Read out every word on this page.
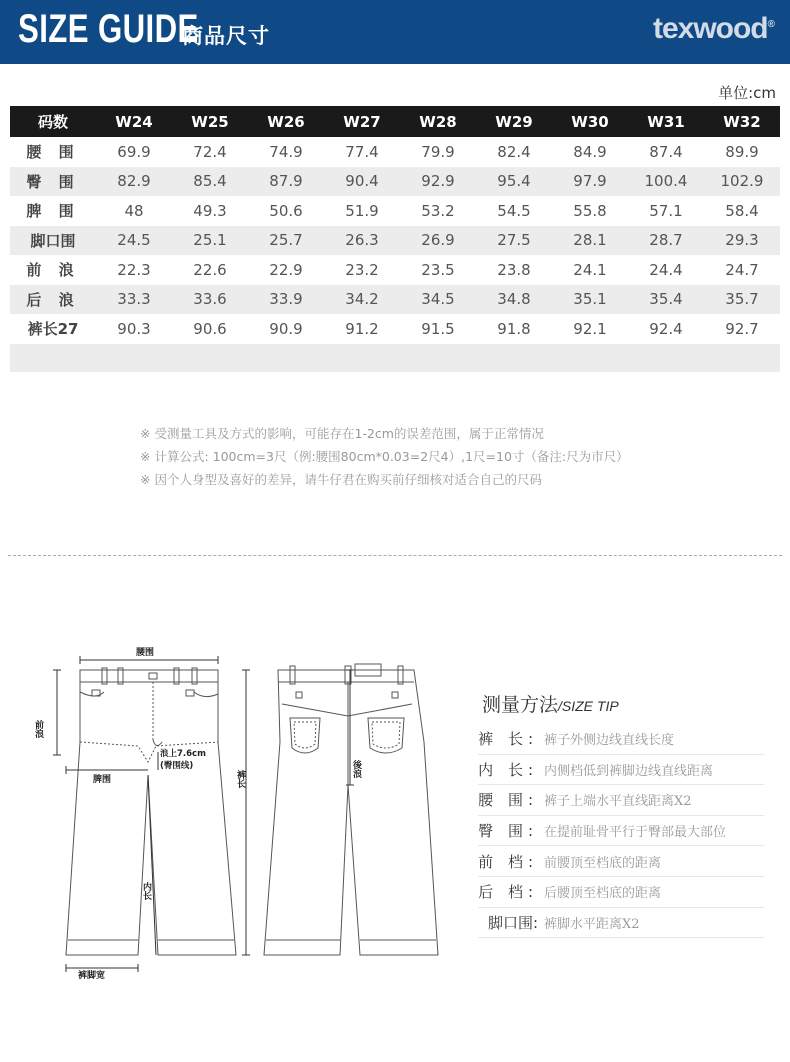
SIZE GUIDE
商品尺寸	texwood®
单位:cm
码数	W24	W25	W26	W27	W28	W29	W30	W31	W32
腰 围	69.9	72.4	74.9	77.4	79.9	82.4	84.9	87.4	89.9
臀 围	82.9	85.4	87.9	90.4	92.9	95.4	97.9	100.4	102.9
脾 围	48	49.3	50.6	51.9	53.2	54.5	55.8	57.1	58.4
脚口围	24.5	25.1	25.7	26.3	26.9	27.5	28.1	28.7	29.3
前 浪	22.3	22.6	22.9	23.2	23.5	23.8	24.1	24.4	24.7
后 浪	33.3	33.6	33.9	34.2	34.5	34.8	35.1	35.4	35.7
裤长27	90.3	90.6	90.9	91.2	91.5	91.8	92.1	92.4	92.7

※ 受测量工具及方式的影响，可能存在1-2cm的误差范围，属于正常情况
※ 计算公式: 100cm=3尺（例:腰围80cm*0.03=2尺4）,1尺=10寸（备注:尺为市尺）
※ 因个人身型及喜好的差异，请牛仔君在购买前仔细核对适合自己的尺码
腰围
前浪
浪上7.6cm
(臀围线)
脾围	裤长
内长
裤脚宽
後浪
测量方法/SIZE TIP
裤 长: 裤子外侧边线直线长度
内 长: 内侧档低到裤脚边线直线距离
腰 围: 裤子上端水平直线距离X2
臀 围: 在提前耻骨平行于臀部最大部位
前 档: 前腰顶至档底的距离
后 档: 后腰顶至档底的距离
脚口围: 裤脚水平距离X2
